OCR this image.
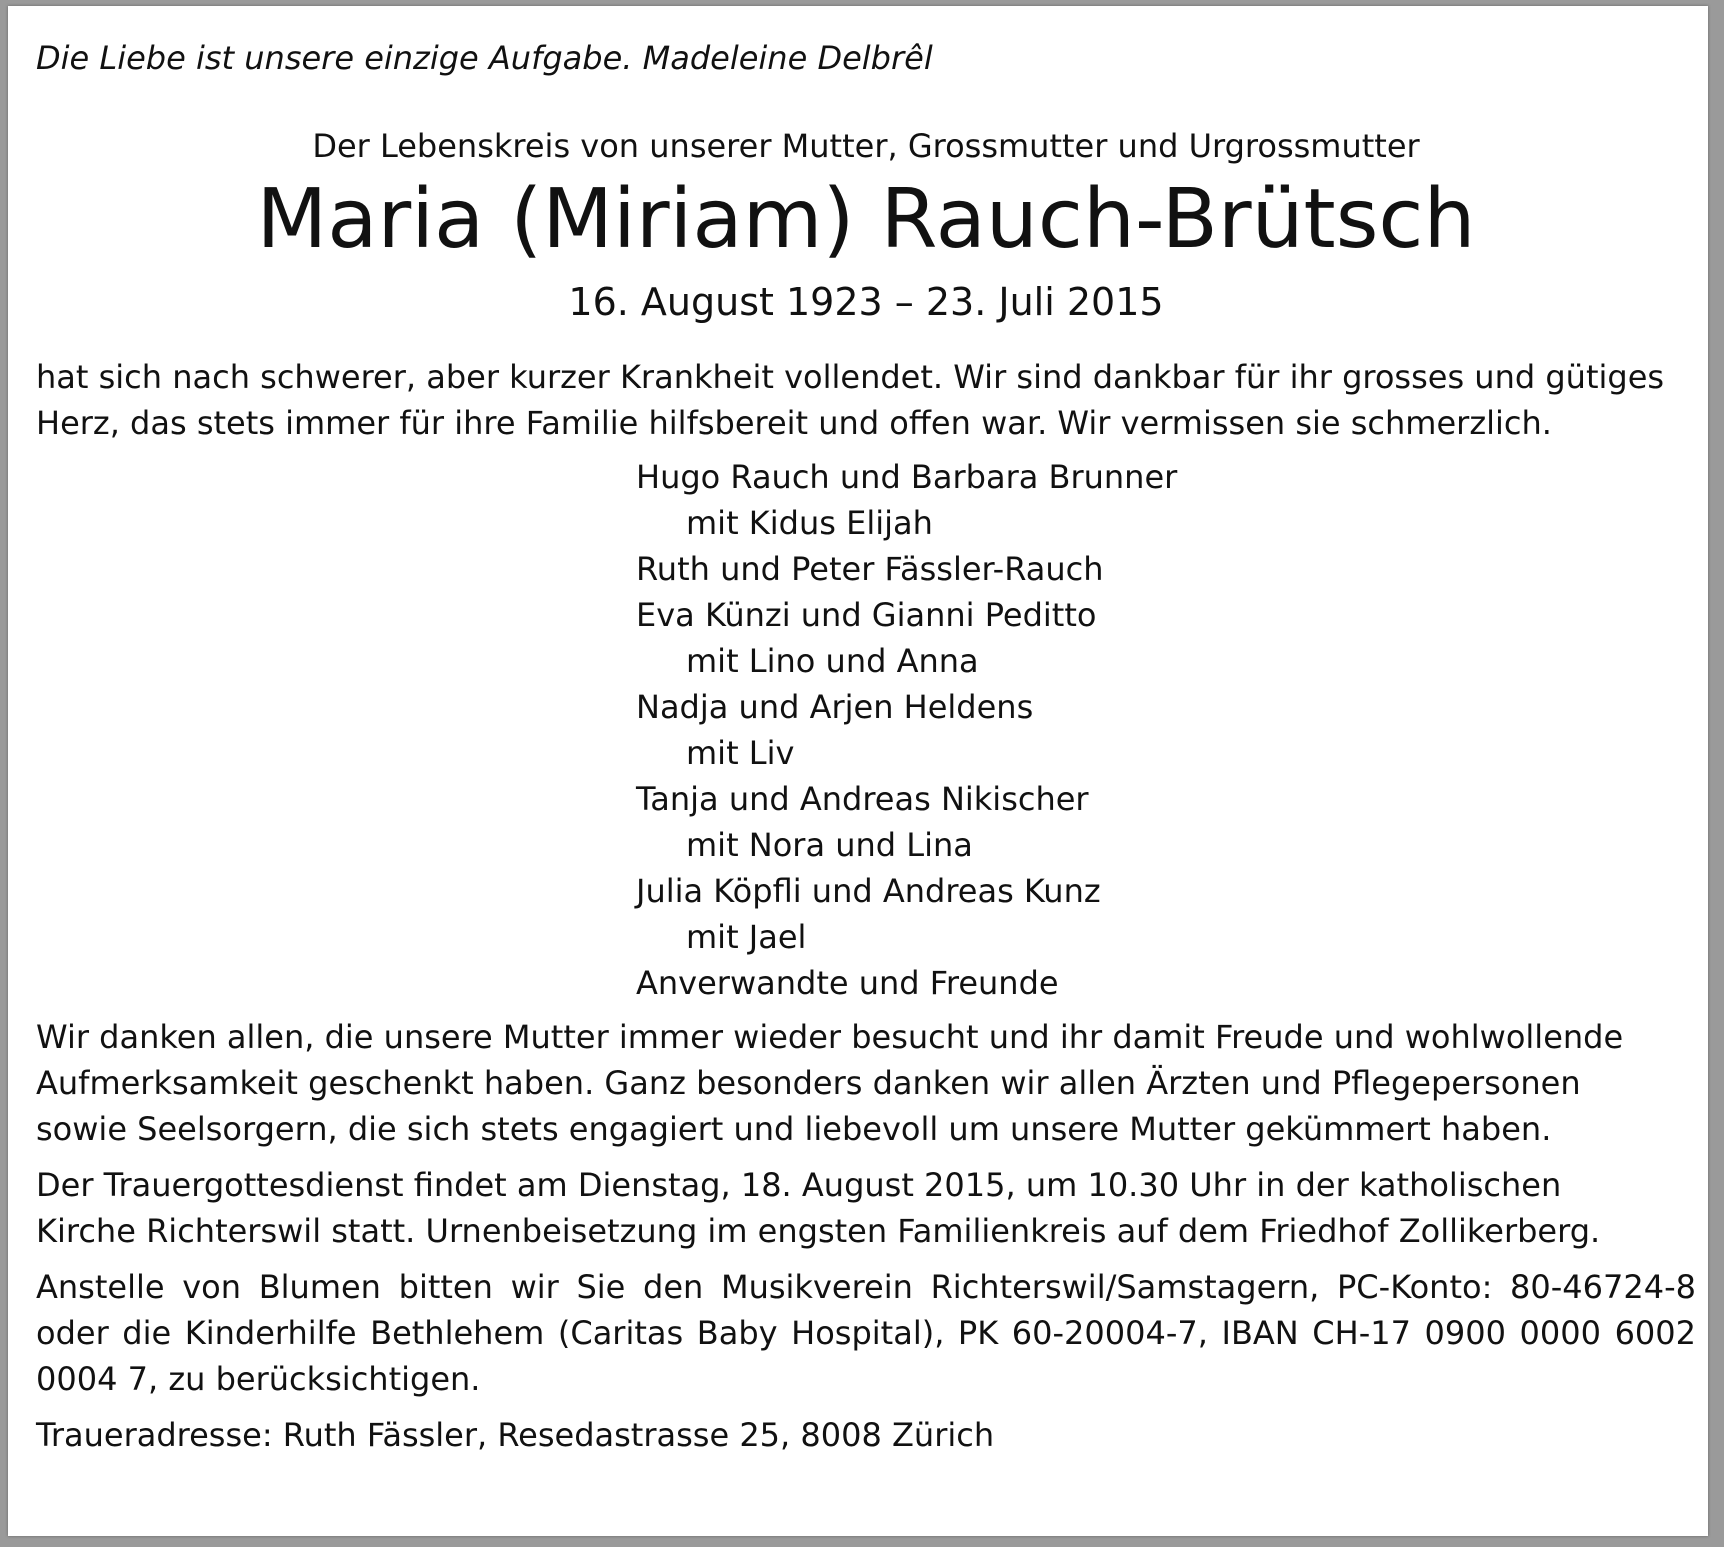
Die Liebe ist unsere einzige Aufgabe. Madeleine Delbrêl

Der Lebenskreis von unserer Mutter, Grossmutter und Urgrossmutter

Maria (Miriam) Rauch-Brütsch

16. August 1923 – 23. Juli 2015

hat sich nach schwerer, aber kurzer Krankheit vollendet. Wir sind dankbar für ihr grosses und gütiges
Herz, das stets immer für ihre Familie hilfsbereit und offen war. Wir vermissen sie schmerzlich.

Hugo Rauch und Barbara Brunner
mit Kidus Elijah
Ruth und Peter Fässler-Rauch
Eva Künzi und Gianni Peditto
mit Lino und Anna
Nadja und Arjen Heldens
mit Liv
Tanja und Andreas Nikischer
mit Nora und Lina
Julia Köpfli und Andreas Kunz
mit Jael
Anverwandte und Freunde

Wir danken allen, die unsere Mutter immer wieder besucht und ihr damit Freude und wohlwollende
Aufmerksamkeit geschenkt haben. Ganz besonders danken wir allen Ärzten und Pflegepersonen
sowie Seelsorgern, die sich stets engagiert und liebevoll um unsere Mutter gekümmert haben.

Der Trauergottesdienst findet am Dienstag, 18. August 2015, um 10.30 Uhr in der katholischen
Kirche Richterswil statt. Urnenbeisetzung im engsten Familienkreis auf dem Friedhof Zollikerberg.

Anstelle von Blumen bitten wir Sie den Musikverein Richterswil/Samstagern, PC-Konto: 80-46724-8
oder die Kinderhilfe Bethlehem (Caritas Baby Hospital), PK 60-20004-7, IBAN CH-17 0900 0000 6002
0004 7, zu berücksichtigen.

Traueradresse: Ruth Fässler, Resedastrasse 25, 8008 Zürich
